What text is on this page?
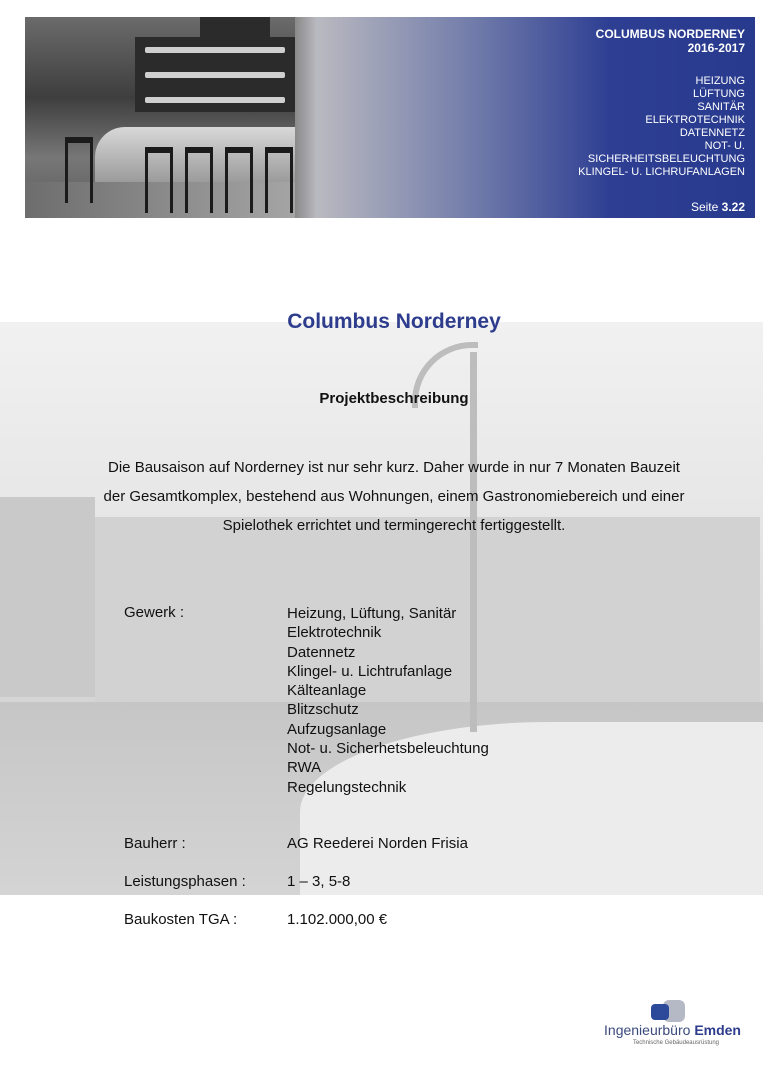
COLUMBUS NORDERNEY
2016-2017
HEIZUNG
LÜFTUNG
SANITÄR
ELEKTROTECHNIK
DATENNETZ
NOT- U.
SICHERHEITSBELEUCHTUNG
KLINGEL- U. LICHRUFANLAGEN
Seite 3.22
Columbus Norderney
Projektbeschreibung
Die Bausaison auf Norderney ist nur sehr kurz. Daher wurde in nur 7 Monaten Bauzeit der Gesamtkomplex, bestehend aus Wohnungen, einem Gastronomiebereich und einer Spielothek errichtet und termingerecht fertiggestellt.
Gewerk :	Heizung, Lüftung, Sanitär
Elektrotechnik
Datennetz
Klingel- u. Lichtrufanlage
Kälteanlage
Blitzschutz
Aufzugsanlage
Not- u. Sicherhetsbeleuchtung
RWA
Regelungstechnik
Bauherr :	AG Reederei Norden Frisia
Leistungsphasen :	1 – 3, 5-8
Baukosten TGA :	1.102.000,00 €
Ingenieurbüro Emden
Technische Gebäudeausrüstung
